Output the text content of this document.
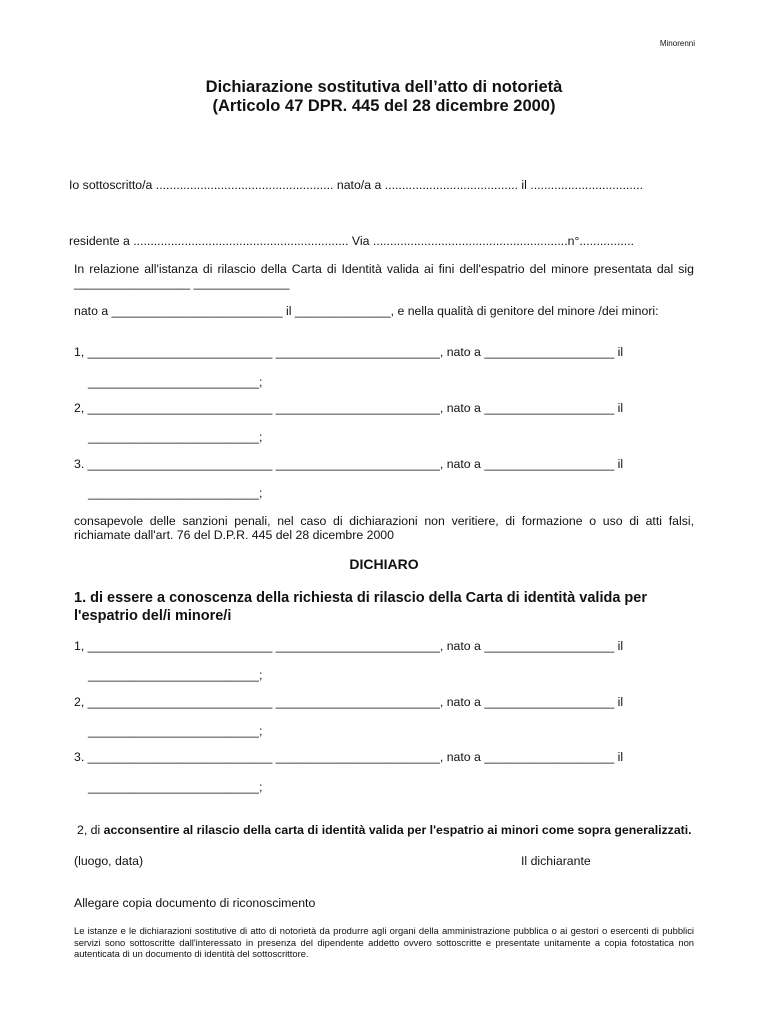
Minorenni
Dichiarazione sostitutiva dell’atto di notorietà
(Articolo 47 DPR. 445 del 28 dicembre 2000)
Io sottoscritto/a .................................................... nato/a a ....................................... il .................................
residente a ............................................................... Via .........................................................n°................
In relazione all'istanza di rilascio della Carta di Identità valida ai fini dell'espatrio del minore presentata dal sig _________________ ______________
nato a _________________________ il ______________, e nella qualità di genitore del minore /dei minori:
1, ___________________________ ________________________, nato a ___________________ il
_________________________;
2, ___________________________ ________________________, nato a ___________________ il
_________________________;
3. ___________________________ ________________________, nato a ___________________ il
_________________________;
consapevole delle sanzioni penali, nel caso di dichiarazioni non veritiere, di formazione o uso di atti falsi, richiamate dall'art. 76 del D.P.R. 445 del 28 dicembre 2000
DICHIARO
1. di essere a conoscenza della richiesta di rilascio della Carta di identità valida per l'espatrio del/i minore/i
1, ___________________________ ________________________, nato a ___________________ il
_________________________;
2, ___________________________ ________________________, nato a ___________________ il
_________________________;
3. ___________________________ ________________________, nato a ___________________ il
_________________________;
2, di acconsentire al rilascio della carta di identità valida per l'espatrio ai minori come sopra generalizzati.
(luogo, data)	Il dichiarante
Allegare copia documento di riconoscimento
Le istanze e le dichiarazioni sostitutive di atto di notorietà da produrre agli organi della amministrazione pubblica o ai gestori o esercenti di pubblici servizi sono sottoscritte dall'interessato in presenza del dipendente addetto ovvero sottoscritte e presentate unitamente a copia fotostatica non autenticata di un documento di identità del sottoscrittore.
